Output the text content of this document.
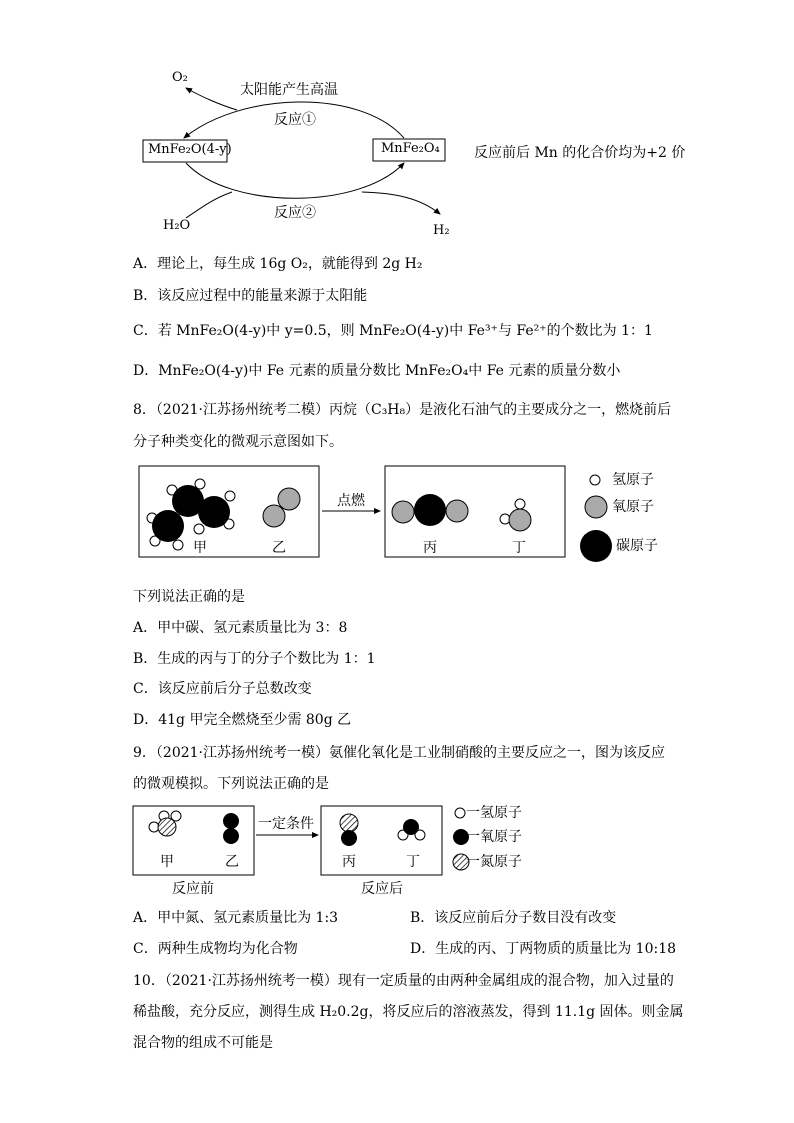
O₂
太阳能产生高温
反应①
MnFe₂O(4-y)	MnFe₂O₄ 反应前后 Mn 的化合价均为+2 价
反应②
H₂O	H₂
A．理论上，每生成 16g O₂，就能得到 2g H₂
B．该反应过程中的能量来源于太阳能
C．若 MnFe₂O(4-y)中 y=0.5，则 MnFe₂O(4-y)中 Fe³⁺与 Fe²⁺的个数比为 1：1
D．MnFe₂O(4-y)中 Fe 元素的质量分数比 MnFe₂O₄中 Fe 元素的质量分数小
8．（2021·江苏扬州统考二模）丙烷（C₃H₈）是液化石油气的主要成分之一，燃烧前后
分子种类变化的微观示意图如下。
点燃
甲	乙	丙	丁
氢原子
氧原子
碳原子
下列说法正确的是
A．甲中碳、氢元素质量比为 3：8
B．生成的丙与丁的分子个数比为 1：1
C．该反应前后分子总数改变
D．41g 甲完全燃烧至少需 80g 乙
9．（2021·江苏扬州统考一模）氨催化氧化是工业制硝酸的主要反应之一，图为该反应
的微观模拟。下列说法正确的是
一定条件
甲	乙	丙	丁
一氢原子
一氧原子
一氮原子
反应前	反应后
A．甲中氮、氢元素质量比为 1:3	B．该反应前后分子数目没有改变
C．两种生成物均为化合物	D．生成的丙、丁两物质的质量比为 10:18
10．（2021·江苏扬州统考一模）现有一定质量的由两种金属组成的混合物，加入过量的
稀盐酸，充分反应，测得生成 H₂0.2g，将反应后的溶液蒸发，得到 11.1g 固体。则金属
混合物的组成不可能是
